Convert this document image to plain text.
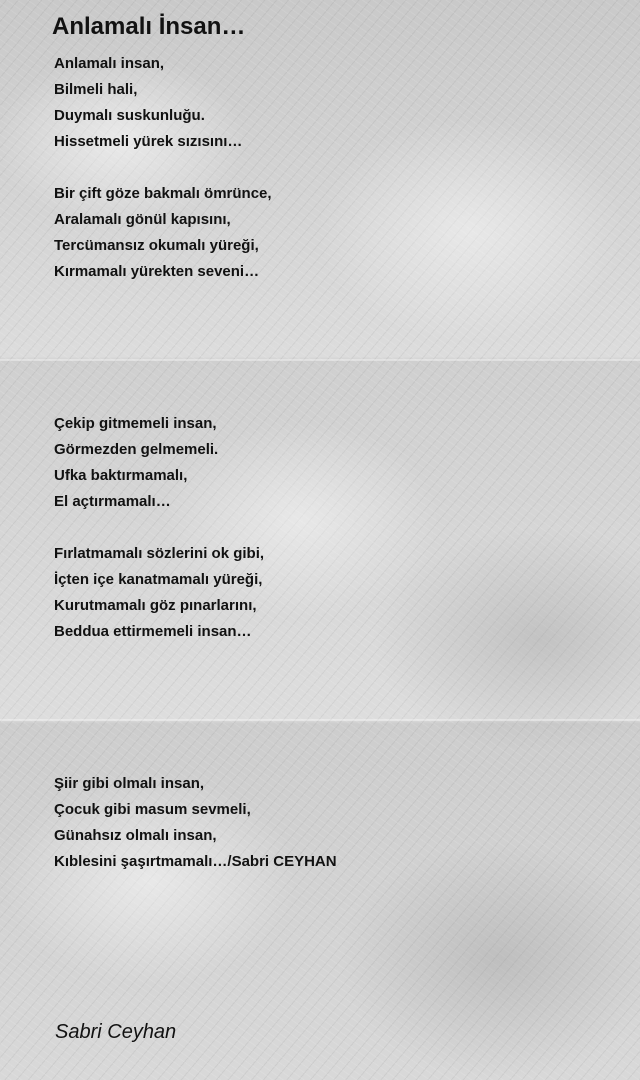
Anlamalı İnsan…
Anlamalı insan,
Bilmeli hali,
Duymalı suskunluğu.
Hissetmeli yürek sızısını…
Bir çift göze bakmalı ömrünce,
Aralamalı gönül kapısını,
Tercümansız okumalı yüreği,
Kırmamalı yürekten seveni…
Çekip gitmemeli insan,
Görmezden gelmemeli.
Ufka baktırmamalı,
El açtırmamalı…
Fırlatmamalı sözlerini ok gibi,
İçten içe kanatmamalı yüreği,
Kurutmamalı göz pınarlarını,
Beddua ettirmemeli insan…
Şiir gibi olmalı insan,
Çocuk gibi masum sevmeli,
Günahsız olmalı insan,
Kıblesini şaşırtmamalı…/Sabri CEYHAN
Sabri Ceyhan
